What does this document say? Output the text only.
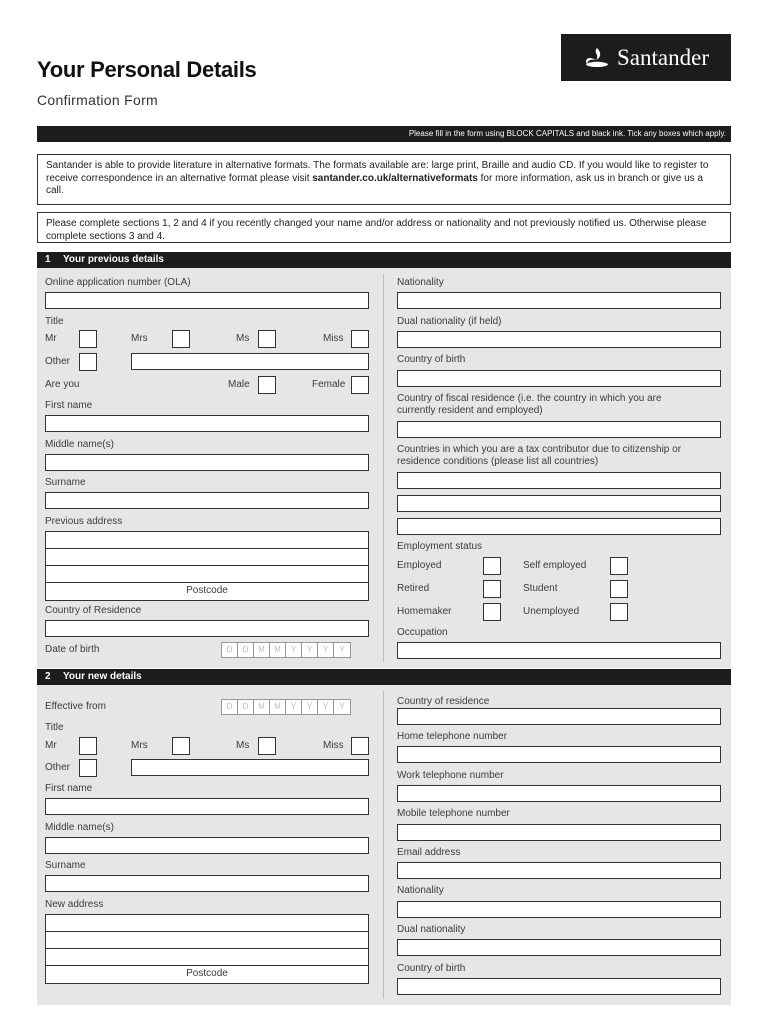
Your Personal Details
Confirmation Form
Santander
Please fill in the form using BLOCK CAPITALS and black ink. Tick any boxes which apply.
Santander is able to provide literature in alternative formats. The formats available are: large print, Braille and audio CD. If you would like to register to receive correspondence in an alternative format please visit santander.co.uk/alternativeformats for more information, ask us in branch or give us a call.
Please complete sections 1, 2 and 4 if you recently changed your name and/or address or nationality and not previously notified us. Otherwise please complete sections 3 and 4.
1 Your previous details
Online application number (OLA)
Title
Mr	Mrs	Ms	Miss
Other
Are you	Male	Female
First name
Middle name(s)
Surname
Previous address
Postcode
Country of Residence
Date of birth	D	D	M	M	Y	Y	Y	Y
Nationality
Dual nationality (if held)
Country of birth
Country of fiscal residence (i.e. the country in which you are currently resident and employed)
Countries in which you are a tax contributor due to citizenship or residence conditions (please list all countries)
Employment status
Employed	Self employed
Retired	Student
Homemaker	Unemployed
Occupation
2 Your new details
Effective from	D	D	M	M	Y	Y	Y	Y
Title
Mr	Mrs	Ms	Miss
Other
First name
Middle name(s)
Surname
New address
Postcode
Country of residence
Home telephone number
Work telephone number
Mobile telephone number
Email address
Nationality
Dual nationality
Country of birth
